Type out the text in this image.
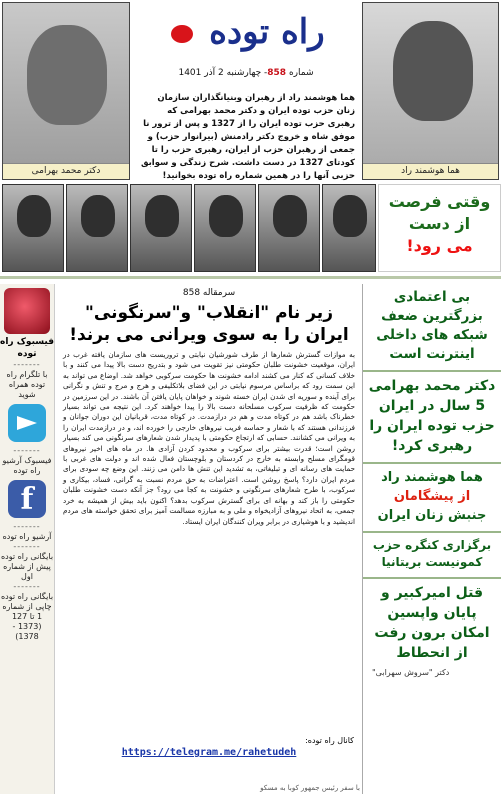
دکتر محمد بهرامی
راه توده
شماره 858- چهارشنبه 2 آذر 1401
هما هوشمند راد از رهبران وبنیانگذاران سازمان زنان حزب توده ایران و دکتر محمد بهرامی که رهبری حزب توده ایران را از 1327 و پس از ترور نا موفق شاه و خروج دکتر رادمنش (بیرانوار حزب) و جمعی از رهبران حزب از ایران، رهبری حزب را تا کودتای 1327 در دست داشت. شرح زندگی و سوابق حزبی آنها را در همین شماره راه توده بخوانید!	هما هوشمند راد
وقتی فرصت
از دست
می رود!
فیسبوک راه توده
-------
با تلگرام راه توده همراه شوید
-------
فیسبوک آرشیو راه توده
f
-------
آرشیو راه توده
-------
بایگانی راه توده پیش از شماره اول
-------
بایگانی راه توده چاپی از شماره 1 تا 127
(1373 - 1378)
سرمقاله 858
زیر نام "انقلاب" و"سرنگونی" ایران را به سوی ویرانی می برند!
به موازات گسترش شعارها از طرف شورشیان نیابتی و تروریست های سازمان یافته غرب در ایران، موقعیت خشونت طلبان حکومتی نیز تقویت می شود و بتدریج دست بالا پیدا می کنند و با خلاف کسانی که کنار می کشند ادامه خشونت ها حکومت سرکوبی خواهد شد. اوضاع می تواند به این سمت رود که براساس مرسوم نیابتی در این فضای بلاتکلیفی و هرج و مرج و تنش و نگرانی برای آینده و سوریه ای شدن ایران خسته شوند و خواهان پایان یافتن آن باشند. در این سرزمین در حکومت که ظرفیت سرکوب مسلحانه دست بالا را پیدا خواهند کرد. این نتیجه می تواند بسیار خطرناک باشد هم در کوتاه مدت و هم در درازمدت. در کوتاه مدت، قربانیان این دوران جوانان و فرزندانی هستند که با شعار و حماسه فریب نیروهای خارجی را خورده اند، و در درازمدت ایران را به ویرانی می کشانند. حسابی که ارتجاع حکومتی با پدیدار شدن شعارهای سرنگونی می کند بسیار روشن است؛ قدرت بیشتر برای سرکوب و محدود کردن آزادی ها. در ماه های اخیر نیروهای قومگرای مسلح وابسته به خارج در کردستان و بلوچستان فعال شده اند و دولت های غربی با حمایت های رسانه ای و تبلیغاتی، به تشدید این تنش ها دامن می زنند. این وضع چه سودی برای مردم ایران دارد؟ پاسخ روشن است. اعتراضات به حق مردم نسبت به گرانی، فساد، بیکاری و سرکوب، با طرح شعارهای سرنگونی و خشونت به کجا می رود؟ جز آنکه دست خشونت طلبان حکومتی را باز کند و بهانه ای برای گسترش سرکوب بدهد؟ اکنون باید بیش از همیشه به خرد جمعی، به اتحاد نیروهای آزادیخواه و ملی و به مبارزه مسالمت آمیز برای تحقق خواسته های مردم اندیشید و با هوشیاری در برابر ویران کنندگان ایران ایستاد.
کانال راه توده:
https://telegram.me/rahetudeh
با سفر رئیس جمهور کوبا به مسکو
بی اعتمادی بزرگترین ضعف شبکه های داخلی اینترنت است
دکتر محمد بهرامی 5 سال در ایران حزب توده ایران را رهبری کرد!
هما هوشمند راد
از پیشگامان
جنبش زنان ایران
برگزاری کنگره حزب کمونیست بریتانیا
قتل امیرکبیر و پایان واپسین امکان برون رفت از انحطاط
دکتر "سروش سهرابی"
